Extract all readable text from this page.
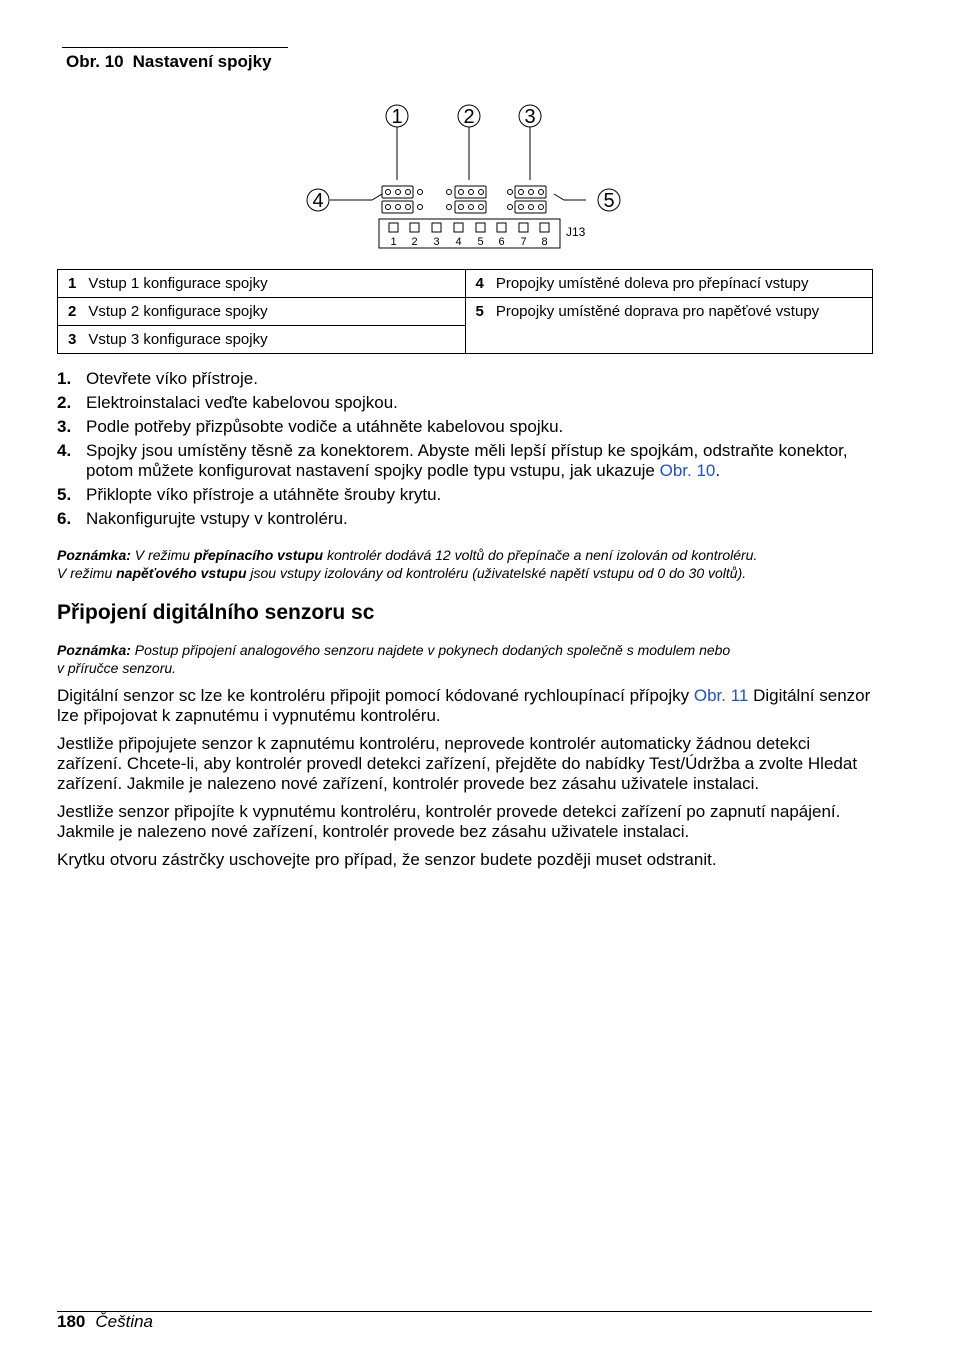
Obr. 10 Nastavení spojky
1	2 3
4	5
1 2 3 4 5 6 7 8
J13
1 Vstup 1 konfigurace spojky	4 Propojky umístěné doleva pro přepínací vstupy
2 Vstup 2 konfigurace spojky	5 Propojky umístěné doprava pro napěťové vstupy
3 Vstup 3 konfigurace spojky	
1. Otevřete víko přístroje.
2. Elektroinstalaci veďte kabelovou spojkou.
3. Podle potřeby přizpůsobte vodiče a utáhněte kabelovou spojku.
4. Spojky jsou umístěny těsně za konektorem. Abyste měli lepší přístup ke spojkám, odstraňte konektor, potom můžete konfigurovat nastavení spojky podle typu vstupu, jak ukazuje Obr. 10.
5. Přiklopte víko přístroje a utáhněte šrouby krytu.
6. Nakonfigurujte vstupy v kontroléru.
Poznámka: V režimu přepínacího vstupu kontrolér dodává 12 voltů do přepínače a není izolován od kontroléru.
V režimu napěťového vstupu jsou vstupy izolovány od kontroléru (uživatelské napětí vstupu od 0 do 30 voltů).
Připojení digitálního senzoru sc
Poznámka: Postup připojení analogového senzoru najdete v pokynech dodaných společně s modulem nebo
v příručce senzoru.

Digitální senzor sc lze ke kontroléru připojit pomocí kódované rychloupínací přípojky Obr. 11 Digitální senzor lze připojovat k zapnutému i vypnutému kontroléru.

Jestliže připojujete senzor k zapnutému kontroléru, neprovede kontrolér automaticky žádnou detekci zařízení. Chcete-li, aby kontrolér provedl detekci zařízení, přejděte do nabídky Test/Údržba a zvolte Hledat zařízení. Jakmile je nalezeno nové zařízení, kontrolér provede bez zásahu uživatele instalaci.

Jestliže senzor připojíte k vypnutému kontroléru, kontrolér provede detekci zařízení po zapnutí napájení. Jakmile je nalezeno nové zařízení, kontrolér provede bez zásahu uživatele instalaci.

Krytku otvoru zástrčky uschovejte pro případ, že senzor budete později muset odstranit.

180 Čeština
